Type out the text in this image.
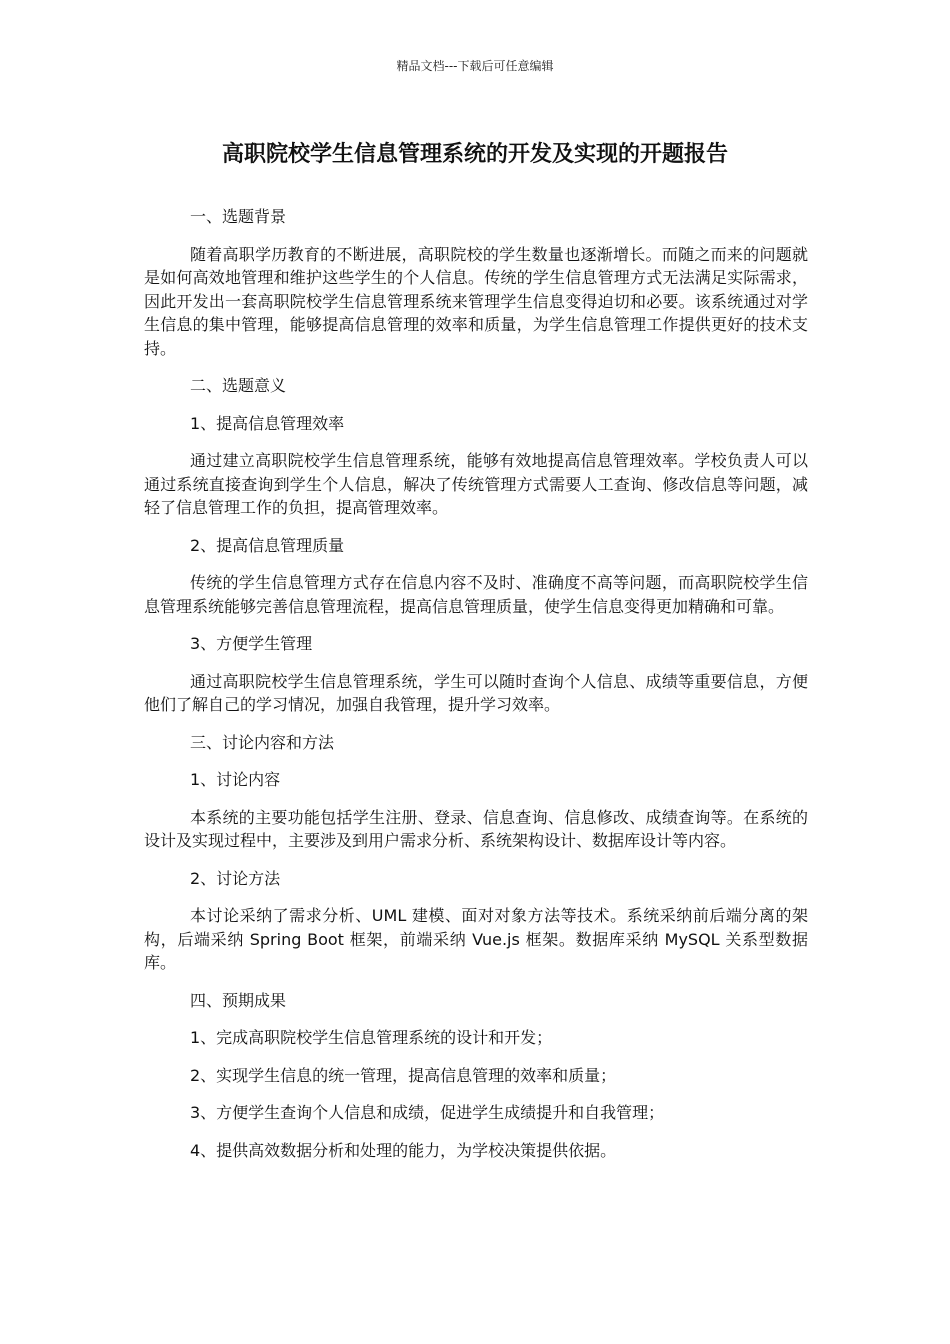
精品文档---下载后可任意编辑
高职院校学生信息管理系统的开发及实现的开题报告
一、选题背景
随着高职学历教育的不断进展，高职院校的学生数量也逐渐增长。而随之而来的问题就是如何高效地管理和维护这些学生的个人信息。传统的学生信息管理方式无法满足实际需求，因此开发出一套高职院校学生信息管理系统来管理学生信息变得迫切和必要。该系统通过对学生信息的集中管理，能够提高信息管理的效率和质量，为学生信息管理工作提供更好的技术支持。
二、选题意义
1、提高信息管理效率
通过建立高职院校学生信息管理系统，能够有效地提高信息管理效率。学校负责人可以通过系统直接查询到学生个人信息，解决了传统管理方式需要人工查询、修改信息等问题，减轻了信息管理工作的负担，提高管理效率。
2、提高信息管理质量
传统的学生信息管理方式存在信息内容不及时、准确度不高等问题，而高职院校学生信息管理系统能够完善信息管理流程，提高信息管理质量，使学生信息变得更加精确和可靠。
3、方便学生管理
通过高职院校学生信息管理系统，学生可以随时查询个人信息、成绩等重要信息，方便他们了解自己的学习情况，加强自我管理，提升学习效率。
三、讨论内容和方法
1、讨论内容
本系统的主要功能包括学生注册、登录、信息查询、信息修改、成绩查询等。在系统的设计及实现过程中，主要涉及到用户需求分析、系统架构设计、数据库设计等内容。
2、讨论方法
本讨论采纳了需求分析、UML 建模、面对对象方法等技术。系统采纳前后端分离的架构，后端采纳 Spring Boot 框架，前端采纳 Vue.js 框架。数据库采纳 MySQL 关系型数据库。
四、预期成果
1、完成高职院校学生信息管理系统的设计和开发；
2、实现学生信息的统一管理，提高信息管理的效率和质量；
3、方便学生查询个人信息和成绩，促进学生成绩提升和自我管理；
4、提供高效数据分析和处理的能力，为学校决策提供依据。
